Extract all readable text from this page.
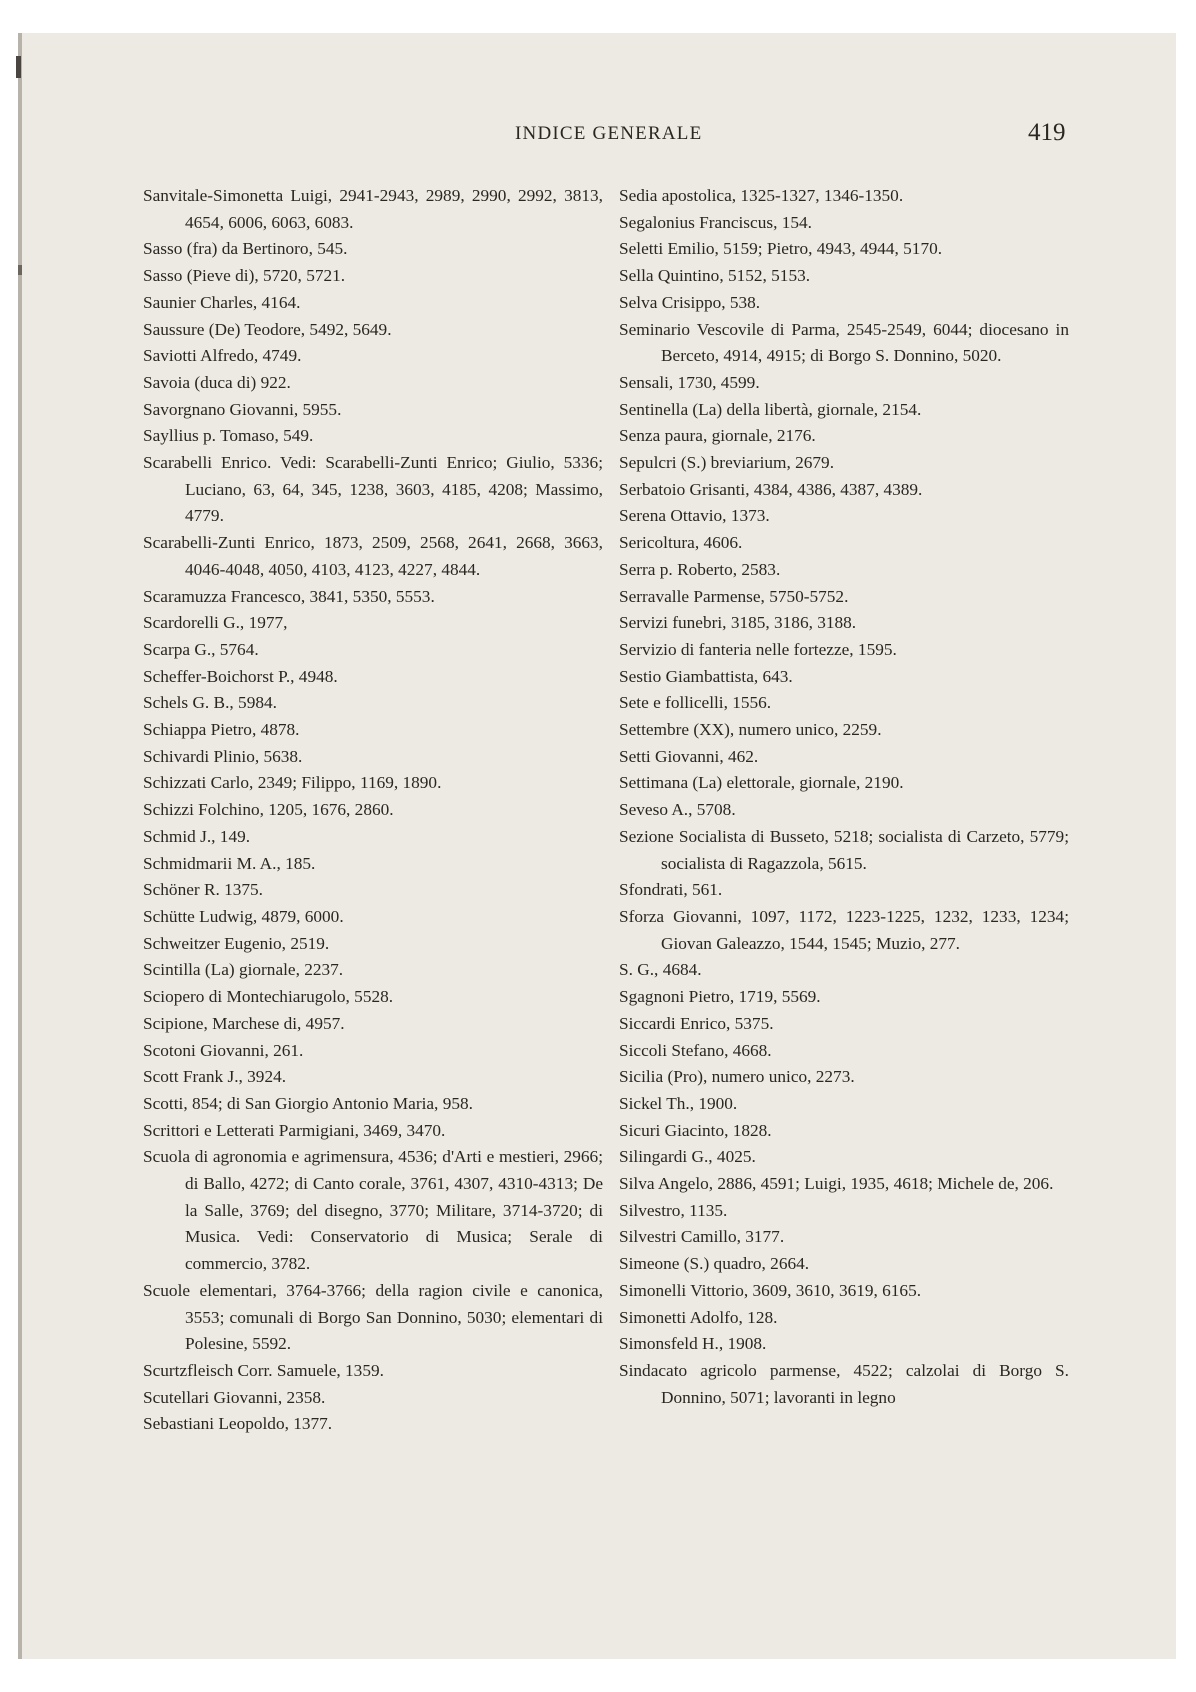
INDICE GENERALE	419
Sanvitale-Simonetta Luigi, 2941-2943, 2989, 2990, 2992, 3813, 4654, 6006, 6063, 6083.
Sasso (fra) da Bertinoro, 545.
Sasso (Pieve di), 5720, 5721.
Saunier Charles, 4164.
Saussure (De) Teodore, 5492, 5649.
Saviotti Alfredo, 4749.
Savoia (duca di) 922.
Savorgnano Giovanni, 5955.
Sayllius p. Tomaso, 549.
Scarabelli Enrico. Vedi: Scarabelli-Zunti Enrico; Giulio, 5336; Luciano, 63, 64, 345, 1238, 3603, 4185, 4208; Massimo, 4779.
Scarabelli-Zunti Enrico, 1873, 2509, 2568, 2641, 2668, 3663, 4046-4048, 4050, 4103, 4123, 4227, 4844.
Scaramuzza Francesco, 3841, 5350, 5553.
Scardorelli G., 1977,
Scarpa G., 5764.
Scheffer-Boichorst P., 4948.
Schels G. B., 5984.
Schiappa Pietro, 4878.
Schivardi Plinio, 5638.
Schizzati Carlo, 2349; Filippo, 1169, 1890.
Schizzi Folchino, 1205, 1676, 2860.
Schmid J., 149.
Schmidmarii M. A., 185.
Schöner R. 1375.
Schütte Ludwig, 4879, 6000.
Schweitzer Eugenio, 2519.
Scintilla (La) giornale, 2237.
Sciopero di Montechiarugolo, 5528.
Scipione, Marchese di, 4957.
Scotoni Giovanni, 261.
Scott Frank J., 3924.
Scotti, 854; di San Giorgio Antonio Maria, 958.
Scrittori e Letterati Parmigiani, 3469, 3470.
Scuola di agronomia e agrimensura, 4536; d'Arti e mestieri, 2966; di Ballo, 4272; di Canto corale, 3761, 4307, 4310-4313; De la Salle, 3769; del disegno, 3770; Militare, 3714-3720; di Musica. Vedi: Conservatorio di Musica; Serale di commercio, 3782.
Scuole elementari, 3764-3766; della ragion civile e canonica, 3553; comunali di Borgo San Donnino, 5030; elementari di Polesine, 5592.
Scurtzfleisch Corr. Samuele, 1359.
Scutellari Giovanni, 2358.
Sebastiani Leopoldo, 1377.
Sedia apostolica, 1325-1327, 1346-1350.
Segalonius Franciscus, 154.
Seletti Emilio, 5159; Pietro, 4943, 4944, 5170.
Sella Quintino, 5152, 5153.
Selva Crisippo, 538.
Seminario Vescovile di Parma, 2545-2549, 6044; diocesano in Berceto, 4914, 4915; di Borgo S. Donnino, 5020.
Sensali, 1730, 4599.
Sentinella (La) della libertà, giornale, 2154.
Senza paura, giornale, 2176.
Sepulcri (S.) breviarium, 2679.
Serbatoio Grisanti, 4384, 4386, 4387, 4389.
Serena Ottavio, 1373.
Sericoltura, 4606.
Serra p. Roberto, 2583.
Serravalle Parmense, 5750-5752.
Servizi funebri, 3185, 3186, 3188.
Servizio di fanteria nelle fortezze, 1595.
Sestio Giambattista, 643.
Sete e follicelli, 1556.
Settembre (XX), numero unico, 2259.
Setti Giovanni, 462.
Settimana (La) elettorale, giornale, 2190.
Seveso A., 5708.
Sezione Socialista di Busseto, 5218; socialista di Carzeto, 5779; socialista di Ragazzola, 5615.
Sfondrati, 561.
Sforza Giovanni, 1097, 1172, 1223-1225, 1232, 1233, 1234; Giovan Galeazzo, 1544, 1545; Muzio, 277.
S. G., 4684.
Sgagnoni Pietro, 1719, 5569.
Siccardi Enrico, 5375.
Siccoli Stefano, 4668.
Sicilia (Pro), numero unico, 2273.
Sickel Th., 1900.
Sicuri Giacinto, 1828.
Silingardi G., 4025.
Silva Angelo, 2886, 4591; Luigi, 1935, 4618; Michele de, 206.
Silvestro, 1135.
Silvestri Camillo, 3177.
Simeone (S.) quadro, 2664.
Simonelli Vittorio, 3609, 3610, 3619, 6165.
Simonetti Adolfo, 128.
Simonsfeld H., 1908.
Sindacato agricolo parmense, 4522; calzolai di Borgo S. Donnino, 5071; lavoranti in legno
